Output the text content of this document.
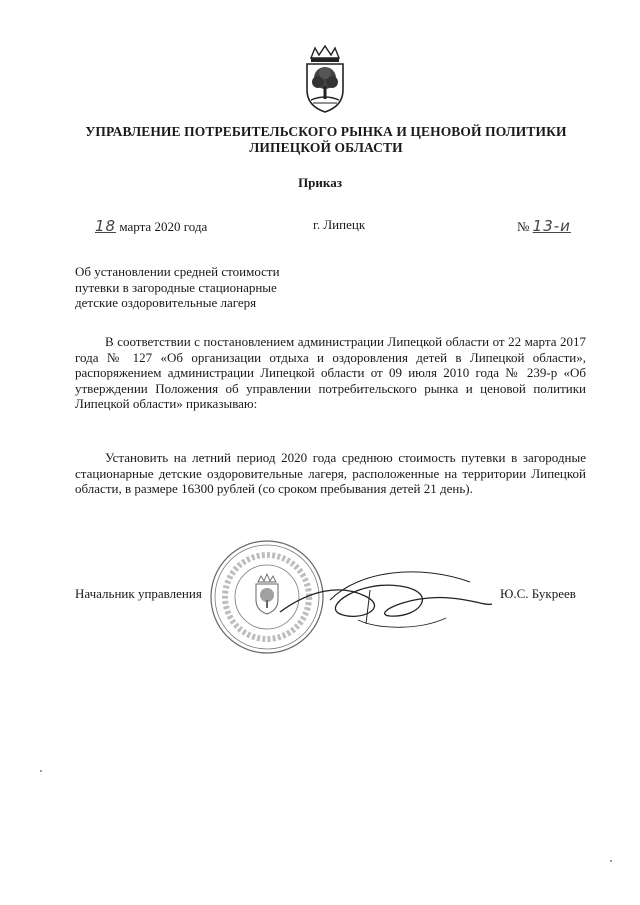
УПРАВЛЕНИЕ ПОТРЕБИТЕЛЬСКОГО РЫНКА И ЦЕНОВОЙ ПОЛИТИКИ
ЛИПЕЦКОЙ ОБЛАСТИ
Приказ
18 марта 2020 года	г. Липецк	№ 13-и
Об установлении средней стоимости
путевки в загородные стационарные
детские оздоровительные лагеря
В соответствии с постановлением администрации Липецкой области от 22 марта 2017 года № 127 «Об организации отдыха и оздоровления детей в Липецкой области», распоряжением администрации Липецкой области от 09 июля 2010 года № 239-р «Об утверждении Положения об управлении потребительского рынка и ценовой политики Липецкой области» приказываю:
Установить на летний период 2020 года среднюю стоимость путевки в загородные стационарные детские оздоровительные лагеря, расположенные на территории Липецкой области, в размере 16300 рублей (со сроком пребывания детей 21 день).
Начальник управления	Ю.С. Букреев
